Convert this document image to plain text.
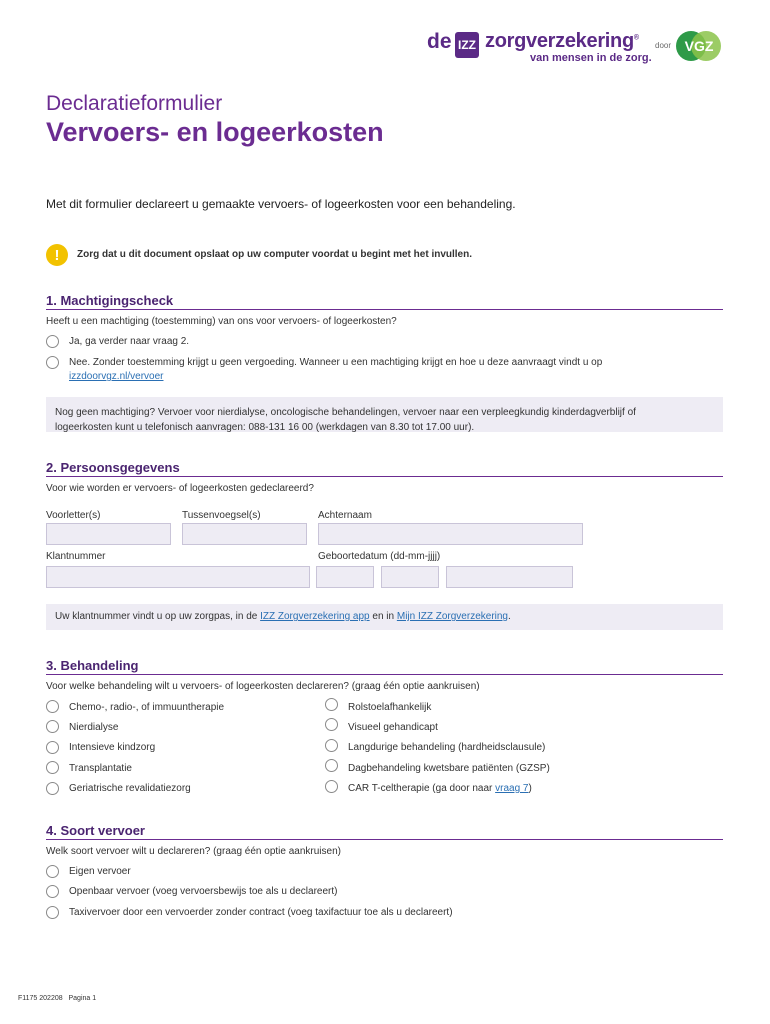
de IZZ zorgverzekering®
van mensen in de zorg.
door VGZ
Declaratieformulier
Vervoers- en logeerkosten
Met dit formulier declareert u gemaakte vervoers- of logeerkosten voor een behandeling.
!	Zorg dat u dit document opslaat op uw computer voordat u begint met het invullen.
1. Machtigingscheck
Heeft u een machtiging (toestemming) van ons voor vervoers- of logeerkosten?
Ja, ga verder naar vraag 2.
Nee. Zonder toestemming krijgt u geen vergoeding. Wanneer u een machtiging krijgt en hoe u deze aanvraagt vindt u op
izzdoorvgz.nl/vervoer
Nog geen machtiging? Vervoer voor nierdialyse, oncologische behandelingen, vervoer naar een verpleegkundig kinderdagverblijf of
logeerkosten kunt u telefonisch aanvragen: 088-131 16 00 (werkdagen van 8.30 tot 17.00 uur).
2. Persoonsgegevens
Voor wie worden er vervoers- of logeerkosten gedeclareerd?
Voorletter(s)	Tussenvoegsel(s)	Achternaam
Klantnummer	Geboortedatum (dd-mm-jjjj)
Uw klantnummer vindt u op uw zorgpas, in de IZZ Zorgverzekering app en in Mijn IZZ Zorgverzekering.
3. Behandeling
Voor welke behandeling wilt u vervoers- of logeerkosten declareren? (graag één optie aankruisen)
Chemo-, radio-, of immuuntherapie
Nierdialyse
Intensieve kindzorg
Transplantatie
Geriatrische revalidatiezorg
Rolstoelafhankelijk
Visueel gehandicapt
Langdurige behandeling (hardheidsclausule)
Dagbehandeling kwetsbare patiënten (GZSP)
CAR T-celtherapie (ga door naar vraag 7)
4. Soort vervoer
Welk soort vervoer wilt u declareren? (graag één optie aankruisen)
Eigen vervoer
Openbaar vervoer (voeg vervoersbewijs toe als u declareert)
Taxivervoer door een vervoerder zonder contract (voeg taxifactuur toe als u declareert)
F1175 202208 Pagina 1
